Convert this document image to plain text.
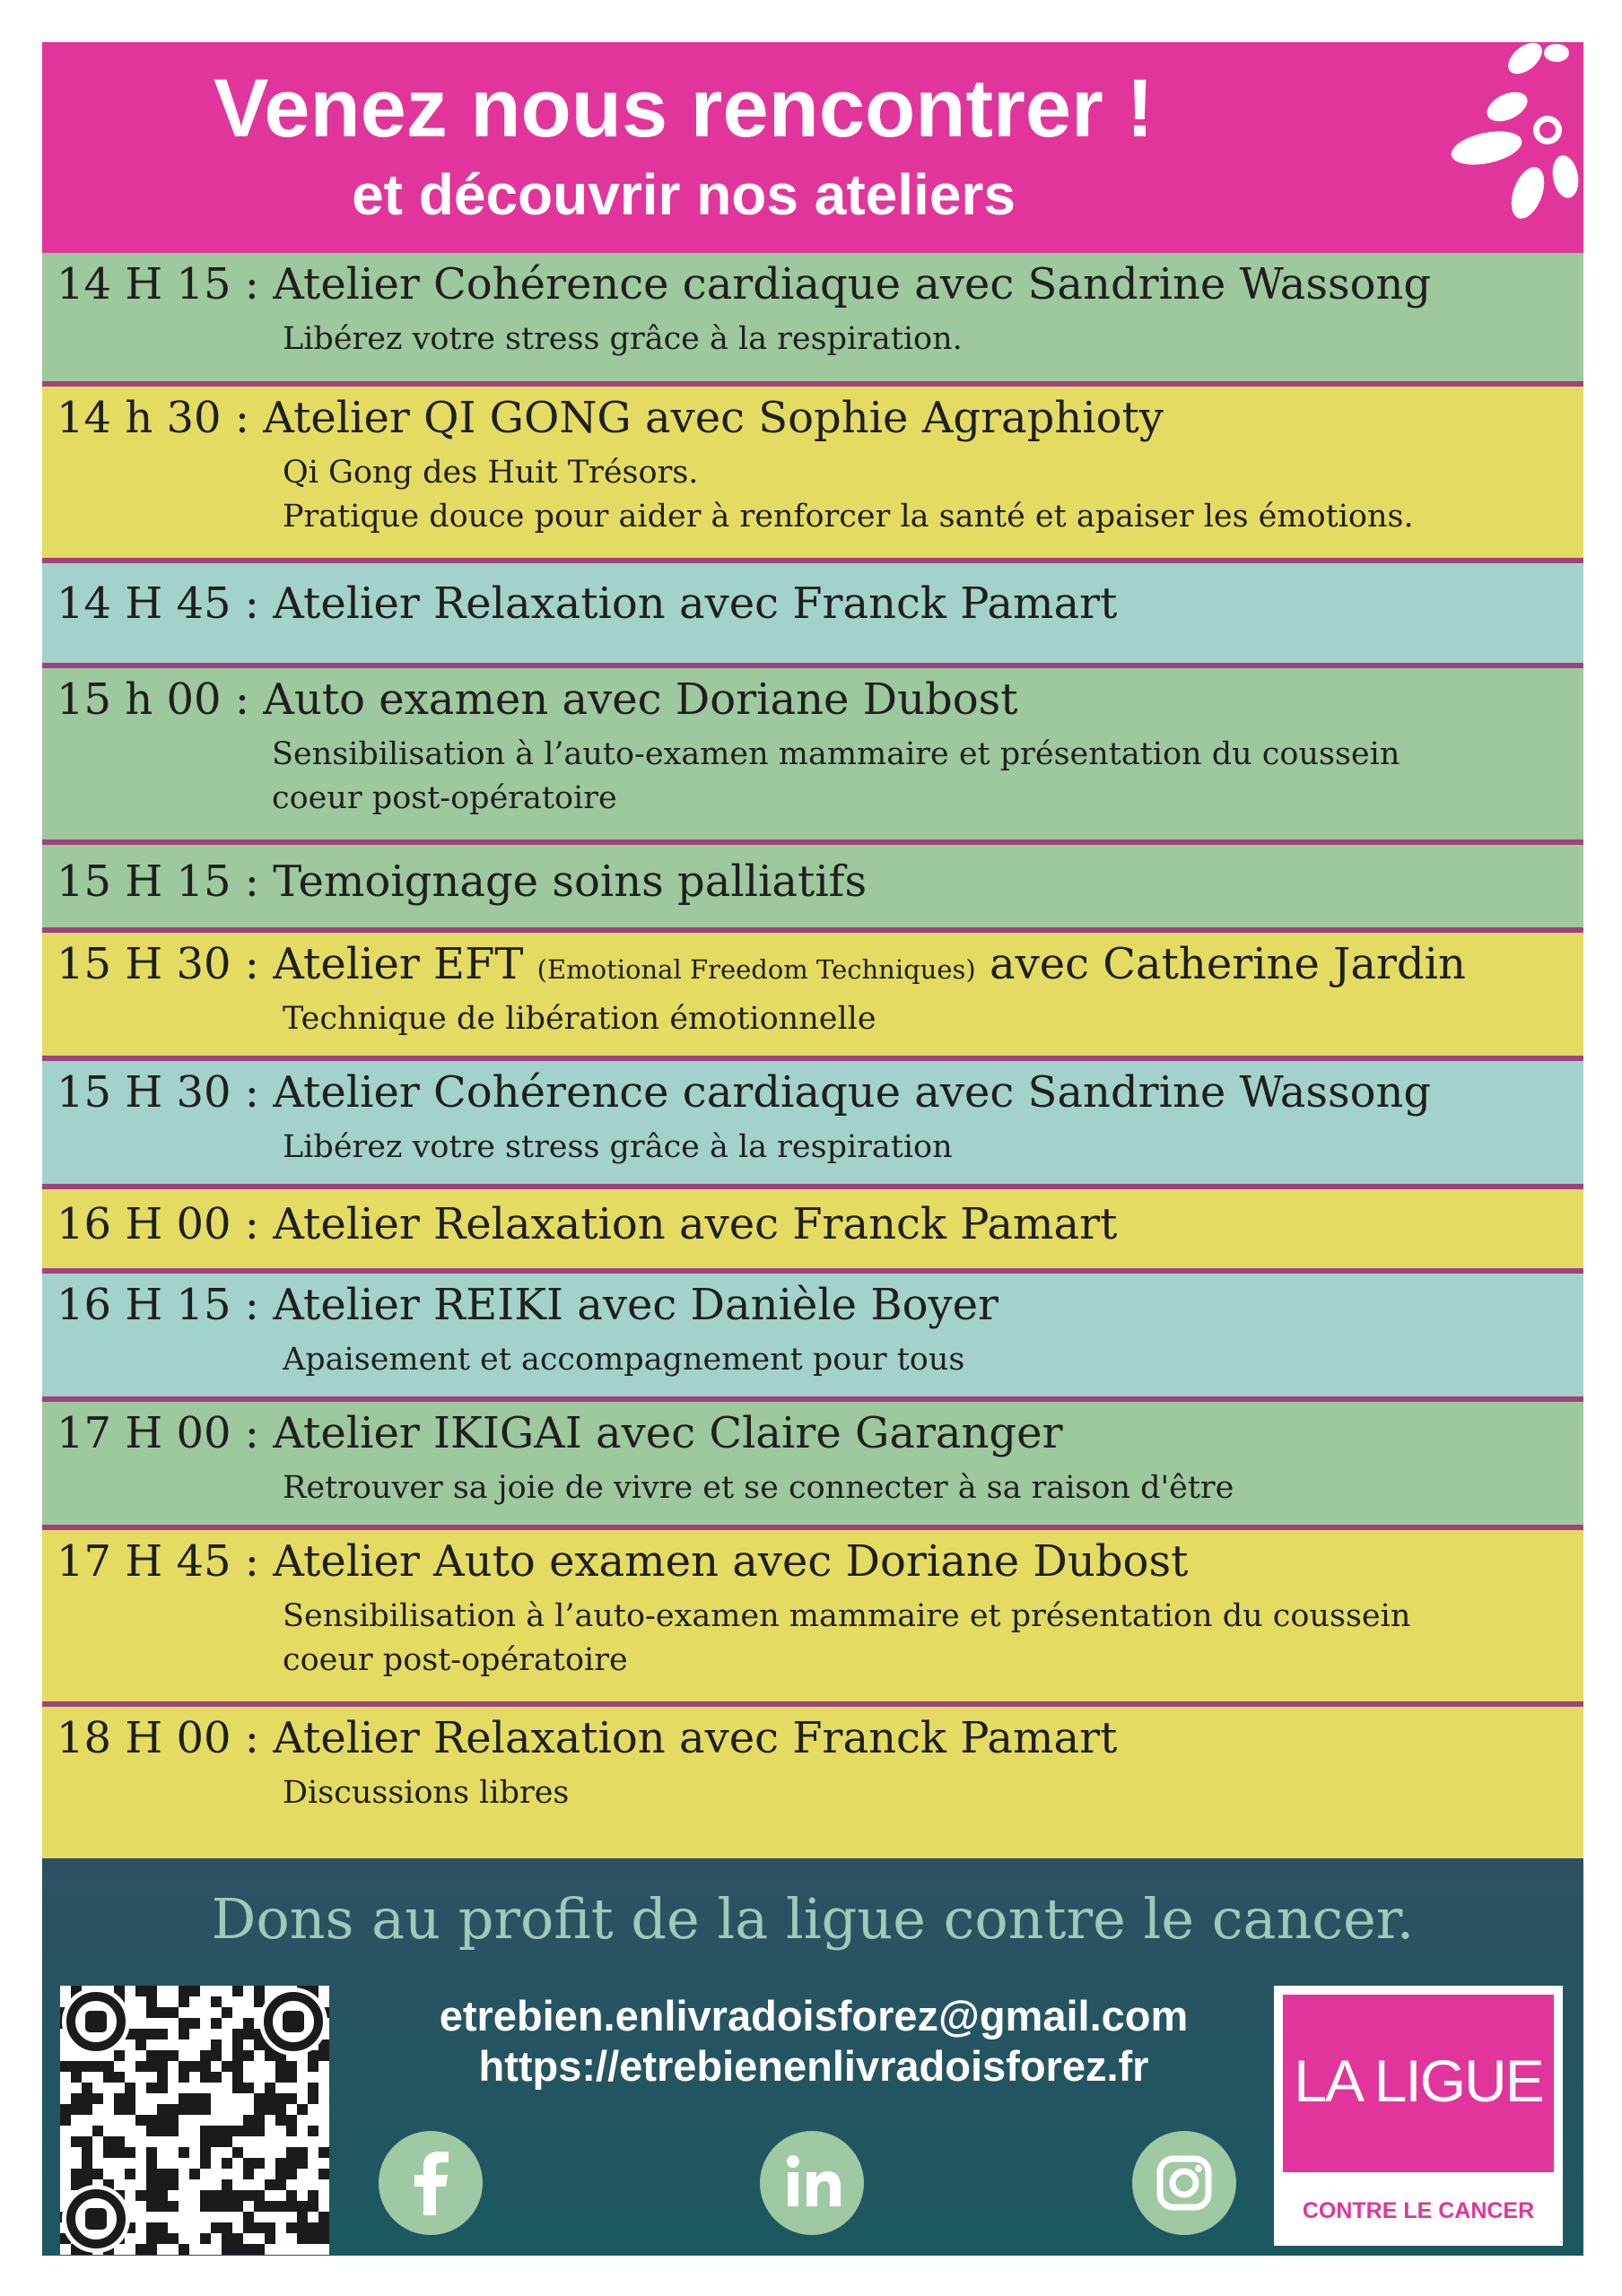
Venez nous rencontrer !
et découvrir nos ateliers
14 H 15 : Atelier Cohérence cardiaque avec Sandrine Wassong
Libérez votre stress grâce à la respiration.
14 h 30 : Atelier QI GONG avec Sophie Agraphioty
Qi Gong des Huit Trésors.
Pratique douce pour aider à renforcer la santé et apaiser les émotions.
14 H 45 : Atelier Relaxation avec Franck Pamart
15 h 00 : Auto examen avec Doriane Dubost
Sensibilisation à l’auto-examen mammaire et présentation du coussein
coeur post-opératoire
15 H 15 : Temoignage soins palliatifs
15 H 30 : Atelier EFT (Emotional Freedom Techniques) avec Catherine Jardin
Technique de libération émotionnelle
15 H 30 : Atelier Cohérence cardiaque avec Sandrine Wassong
Libérez votre stress grâce à la respiration
16 H 00 : Atelier Relaxation avec Franck Pamart
16 H 15 : Atelier REIKI avec Danièle Boyer
Apaisement et accompagnement pour tous
17 H 00 : Atelier IKIGAI avec Claire Garanger
Retrouver sa joie de vivre et se connecter à sa raison d'être
17 H 45 : Atelier Auto examen avec Doriane Dubost
Sensibilisation à l’auto-examen mammaire et présentation du coussein
coeur post-opératoire
18 H 00 : Atelier Relaxation avec Franck Pamart
Discussions libres
Dons au profit de la ligue contre le cancer.
etrebien.enlivradoisforez@gmail.com
https://etrebienenlivradoisforez.fr	LA LIGUE
CONTRE LE CANCER
